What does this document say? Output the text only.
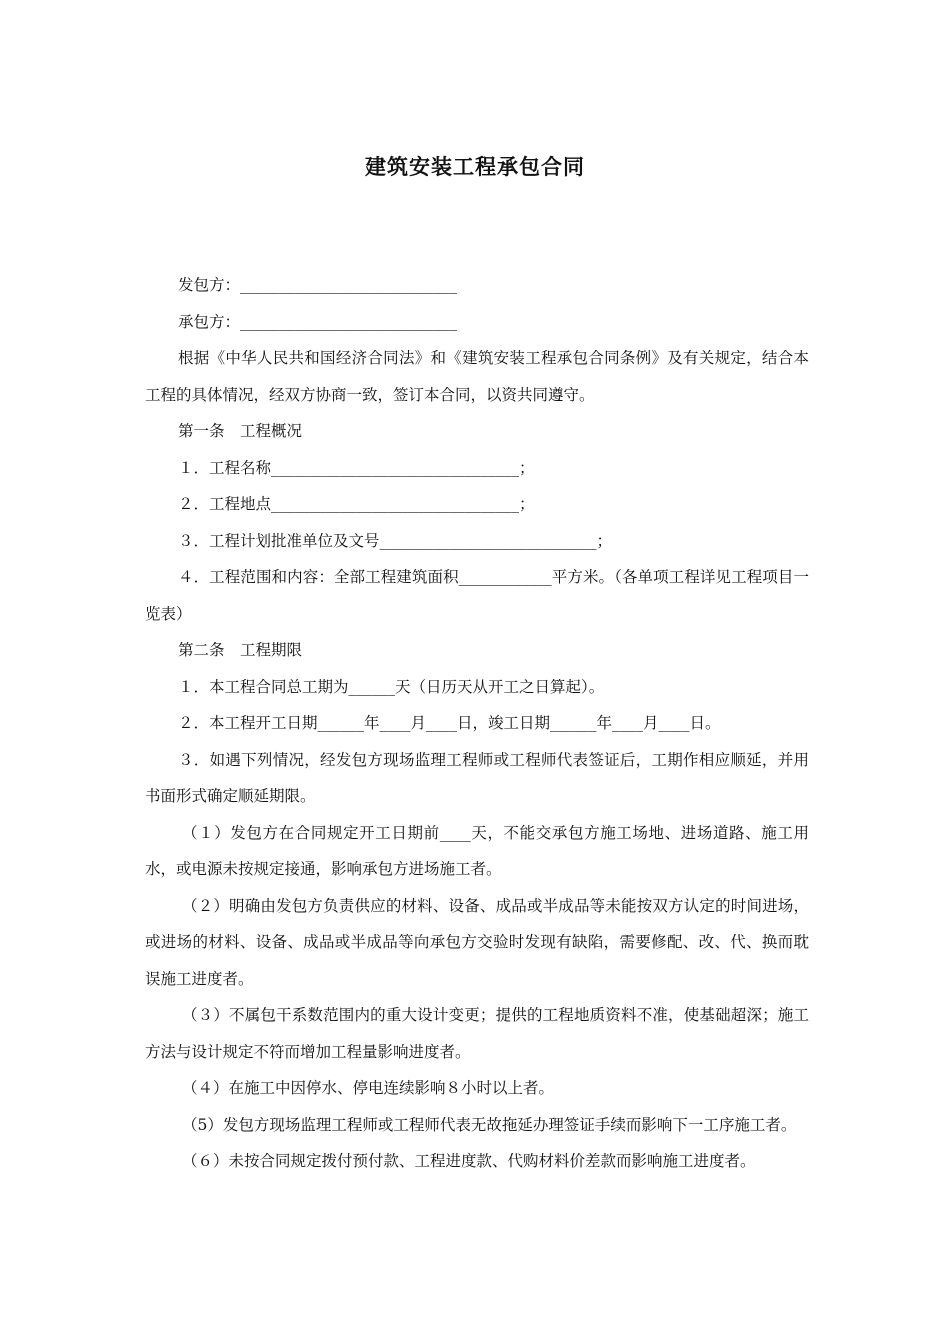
建筑安装工程承包合同

发包方：____________________________

承包方：____________________________

根据《中华人民共和国经济合同法》和《建筑安装工程承包合同条例》及有关规定，结合本工程的具体情况，经双方协商一致，签订本合同，以资共同遵守。

第一条　工程概况

１．工程名称________________________________；

２．工程地点________________________________；

３．工程计划批准单位及文号____________________________；

４．工程范围和内容：全部工程建筑面积____________平方米。（各单项工程详见工程项目一览表）

第二条　工程期限

１．本工程合同总工期为______天（日历天从开工之日算起）。

２．本工程开工日期______年____月____日，竣工日期______年____月____日。

３．如遇下列情况，经发包方现场监理工程师或工程师代表签证后，工期作相应顺延，并用书面形式确定顺延期限。

（１）发包方在合同规定开工日期前____天，不能交承包方施工场地、进场道路、施工用水，或电源未按规定接通，影响承包方进场施工者。

（２）明确由发包方负责供应的材料、设备、成品或半成品等未能按双方认定的时间进场，或进场的材料、设备、成品或半成品等向承包方交验时发现有缺陷，需要修配、改、代、换而耽误施工进度者。

（３）不属包干系数范围内的重大设计变更；提供的工程地质资料不准，使基础超深；施工方法与设计规定不符而增加工程量影响进度者。

（４）在施工中因停水、停电连续影响８小时以上者。

（5）发包方现场监理工程师或工程师代表无故拖延办理签证手续而影响下一工序施工者。

（６）未按合同规定拨付预付款、工程进度款、代购材料价差款而影响施工进度者。
